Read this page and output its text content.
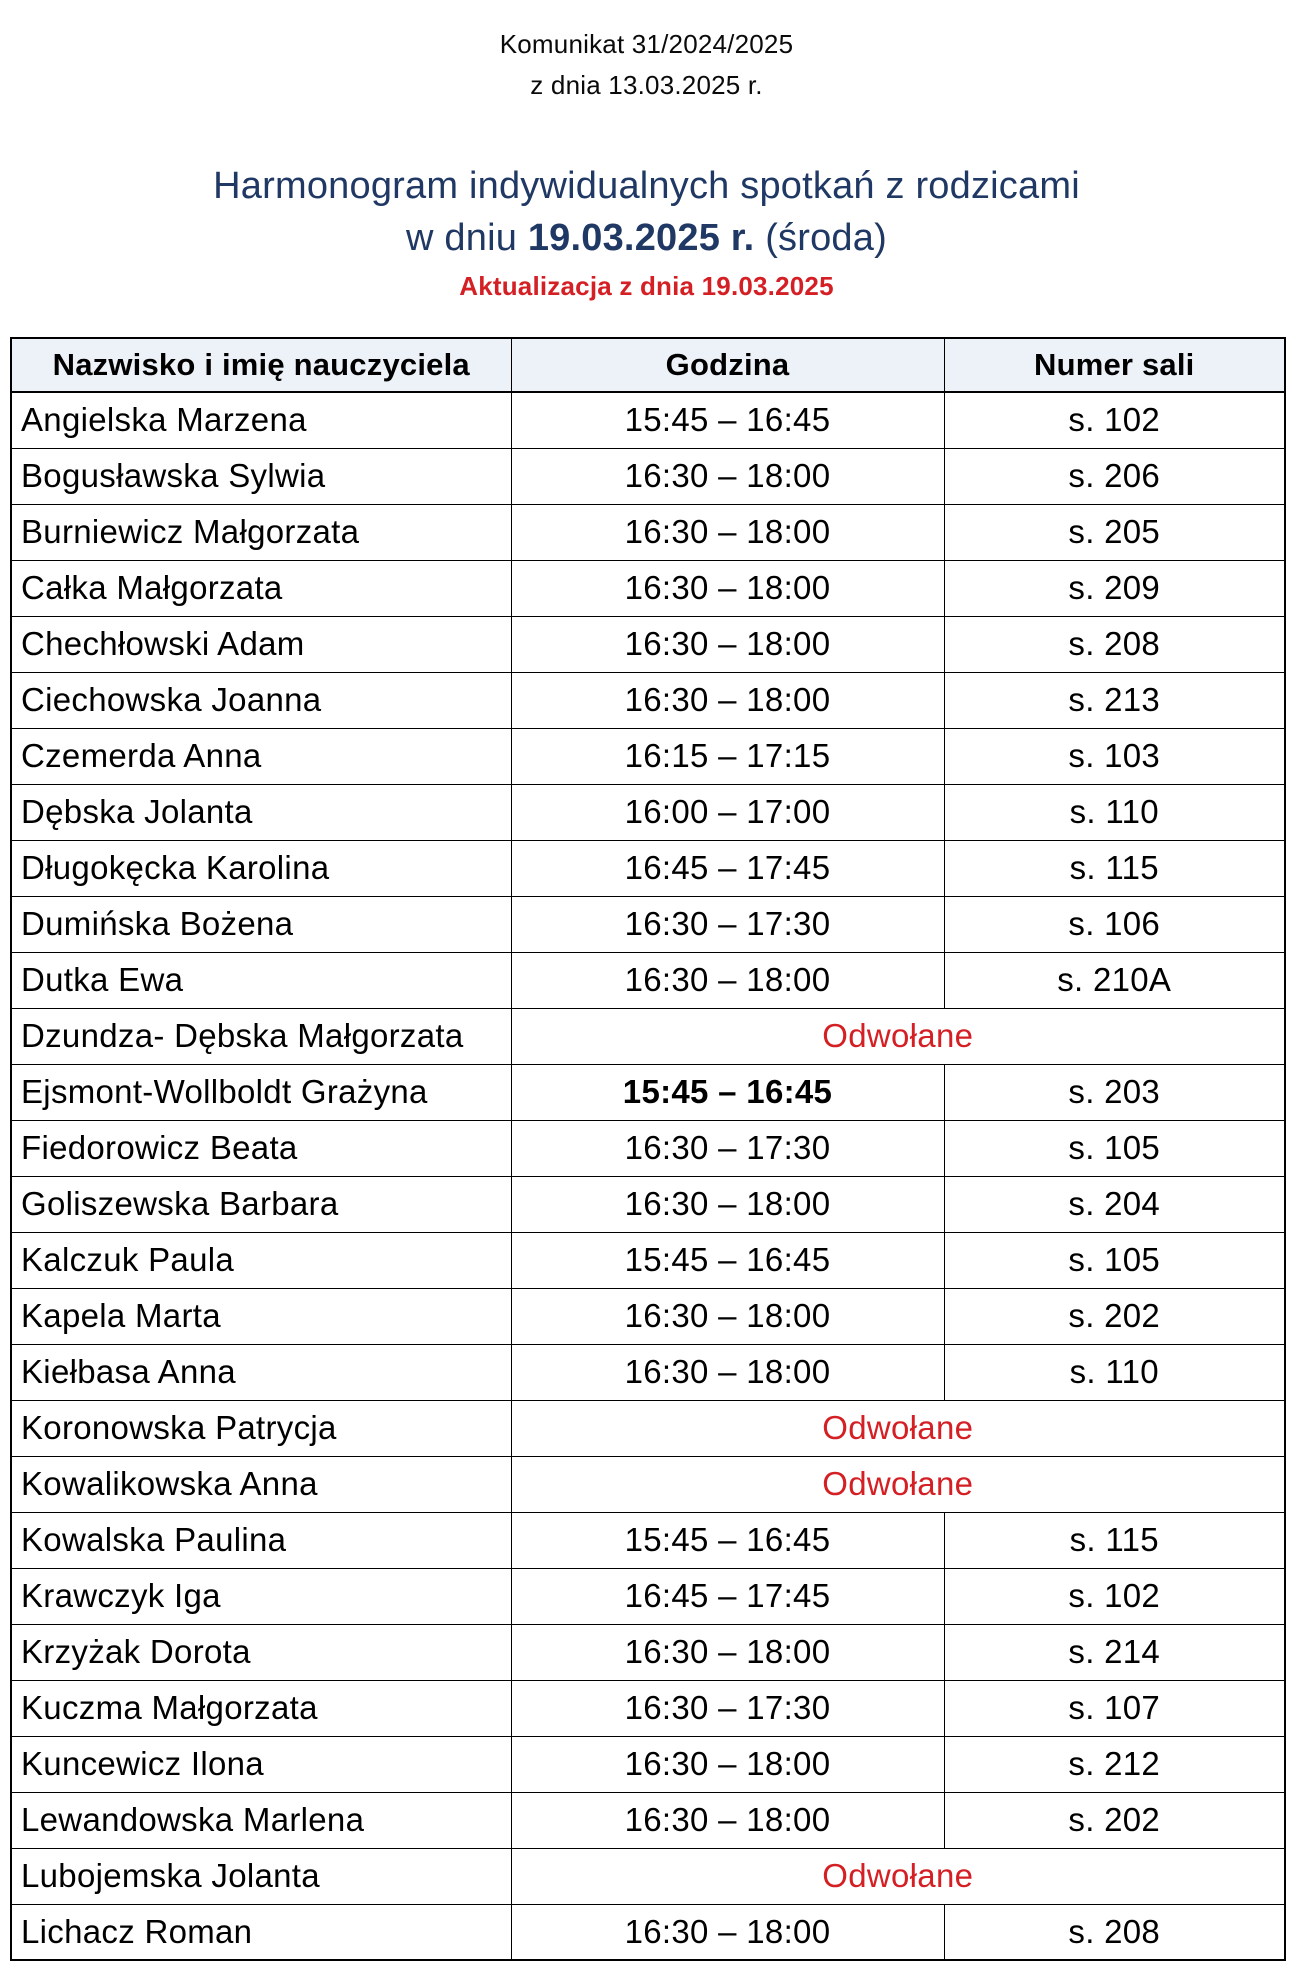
Komunikat 31/2024/2025
z dnia 13.03.2025 r.
Harmonogram indywidualnych spotkań z rodzicami
w dniu 19.03.2025 r. (środa)
Aktualizacja z dnia 19.03.2025
Nazwisko i imię nauczyciela	Godzina	Numer sali
Angielska Marzena	15:45 – 16:45	s. 102
Bogusławska Sylwia	16:30 – 18:00	s. 206
Burniewicz Małgorzata	16:30 – 18:00	s. 205
Całka Małgorzata	16:30 – 18:00	s. 209
Chechłowski Adam	16:30 – 18:00	s. 208
Ciechowska Joanna	16:30 – 18:00	s. 213
Czemerda Anna	16:15 – 17:15	s. 103
Dębska Jolanta	16:00 – 17:00	s. 110
Długokęcka Karolina	16:45 – 17:45	s. 115
Dumińska Bożena	16:30 – 17:30	s. 106
Dutka Ewa	16:30 – 18:00	s. 210A
Dzundza- Dębska Małgorzata	Odwołane	
Ejsmont-Wollboldt Grażyna	15:45 – 16:45	s. 203
Fiedorowicz Beata	16:30 – 17:30	s. 105
Goliszewska Barbara	16:30 – 18:00	s. 204
Kalczuk Paula	15:45 – 16:45	s. 105
Kapela Marta	16:30 – 18:00	s. 202
Kiełbasa Anna	16:30 – 18:00	s. 110
Koronowska Patrycja	Odwołane	
Kowalikowska Anna	Odwołane	
Kowalska Paulina	15:45 – 16:45	s. 115
Krawczyk Iga	16:45 – 17:45	s. 102
Krzyżak Dorota	16:30 – 18:00	s. 214
Kuczma Małgorzata	16:30 – 17:30	s. 107
Kuncewicz Ilona	16:30 – 18:00	s. 212
Lewandowska Marlena	16:30 – 18:00	s. 202
Lubojemska Jolanta	Odwołane	
Lichacz Roman	16:30 – 18:00	s. 208
